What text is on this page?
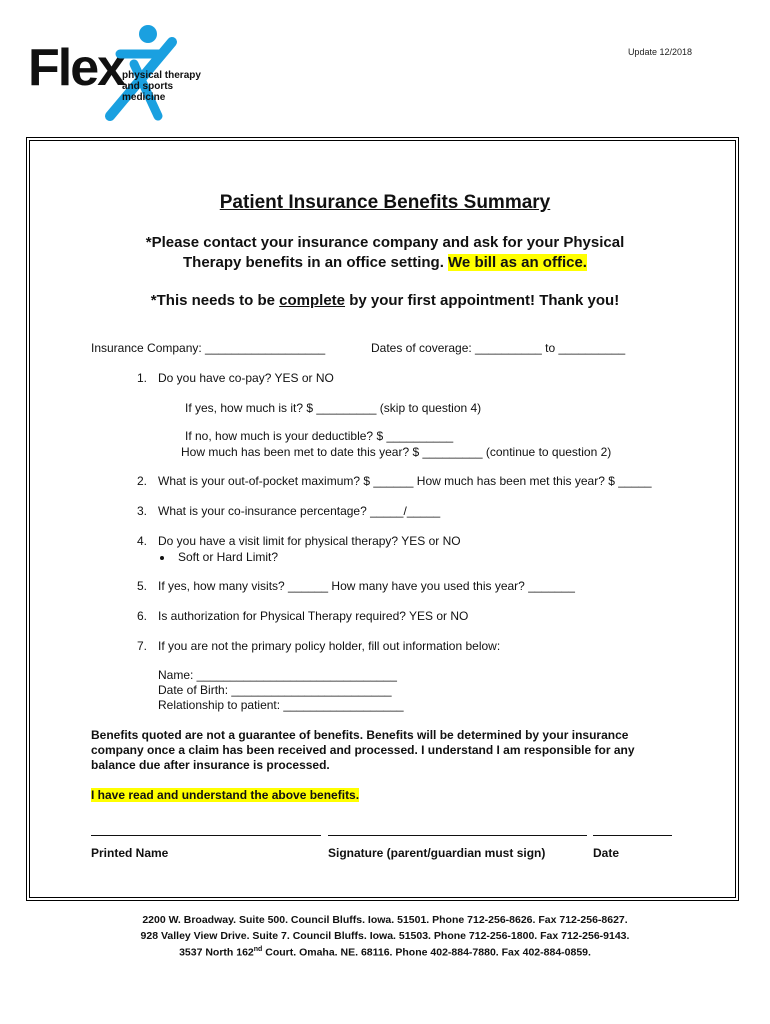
Flex
physical therapy
and sports medicine
Update 12/2018
Patient Insurance Benefits Summary
*Please contact your insurance company and ask for your Physical
Therapy benefits in an office setting. We bill as an office.
*This needs to be complete by your first appointment! Thank you!
Insurance Company: __________________	Dates of coverage: __________ to __________
1. Do you have co-pay? YES or NO
If yes, how much is it? $ _________ (skip to question 4)
If no, how much is your deductible? $ __________
How much has been met to date this year? $ _________ (continue to question 2)
2. What is your out-of-pocket maximum? $ ______ How much has been met this year? $ _____
3. What is your co-insurance percentage? _____/_____
4. Do you have a visit limit for physical therapy? YES or NO
Soft or Hard Limit?
5. If yes, how many visits? ______ How many have you used this year? _______
6. Is authorization for Physical Therapy required? YES or NO
7. If you are not the primary policy holder, fill out information below:
Name: ______________________________
Date of Birth: ________________________
Relationship to patient: __________________
Benefits quoted are not a guarantee of benefits. Benefits will be determined by your insurance
company once a claim has been received and processed. I understand I am responsible for any
balance due after insurance is processed.
I have read and understand the above benefits.
Printed Name	Signature (parent/guardian must sign)	Date
2200 W. Broadway. Suite 500. Council Bluffs. Iowa. 51501. Phone 712-256-8626. Fax 712-256-8627.
928 Valley View Drive. Suite 7. Council Bluffs. Iowa. 51503. Phone 712-256-1800. Fax 712-256-9143.
3537 North 162nd Court. Omaha. NE. 68116. Phone 402-884-7880. Fax 402-884-0859.
